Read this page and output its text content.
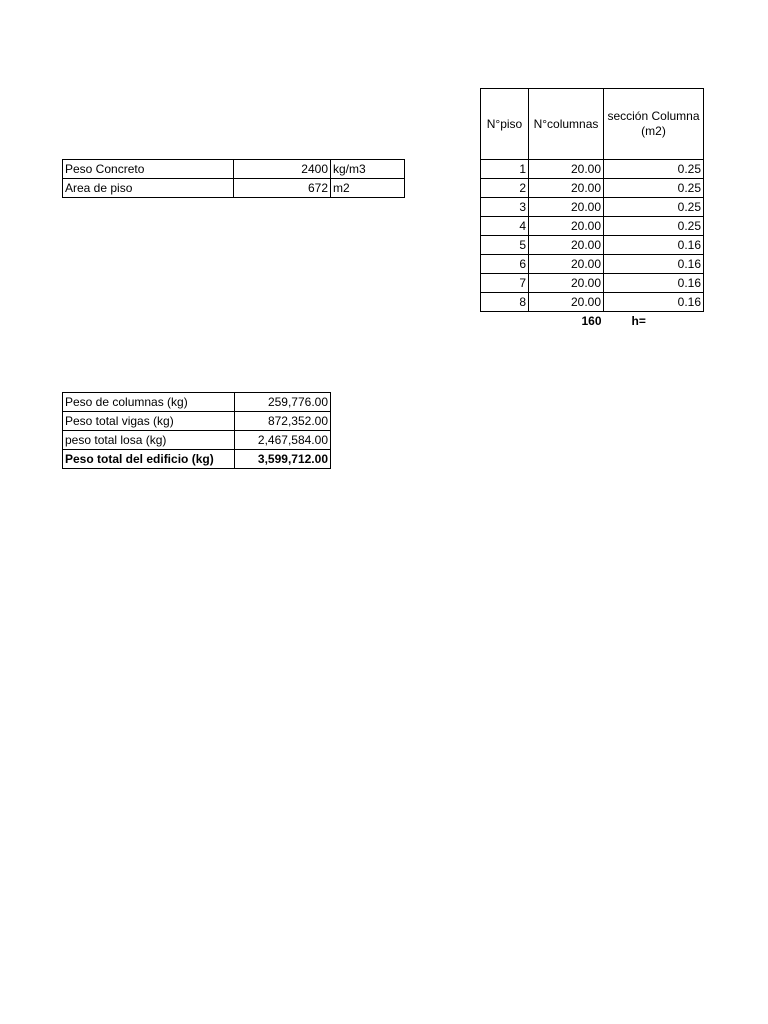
Peso Concreto	2400	kg/m3
Area de piso	672	m2
N°piso	N°columnas	sección Columna (m2)
1	20.00	0.25
2	20.00	0.25
3	20.00	0.25
4	20.00	0.25
5	20.00	0.16
6	20.00	0.16
7	20.00	0.16
8	20.00	0.16
	160	h=
Peso de columnas (kg)	259,776.00
Peso total vigas (kg)	872,352.00
peso total losa (kg)	2,467,584.00
Peso total del edificio (kg)	3,599,712.00
